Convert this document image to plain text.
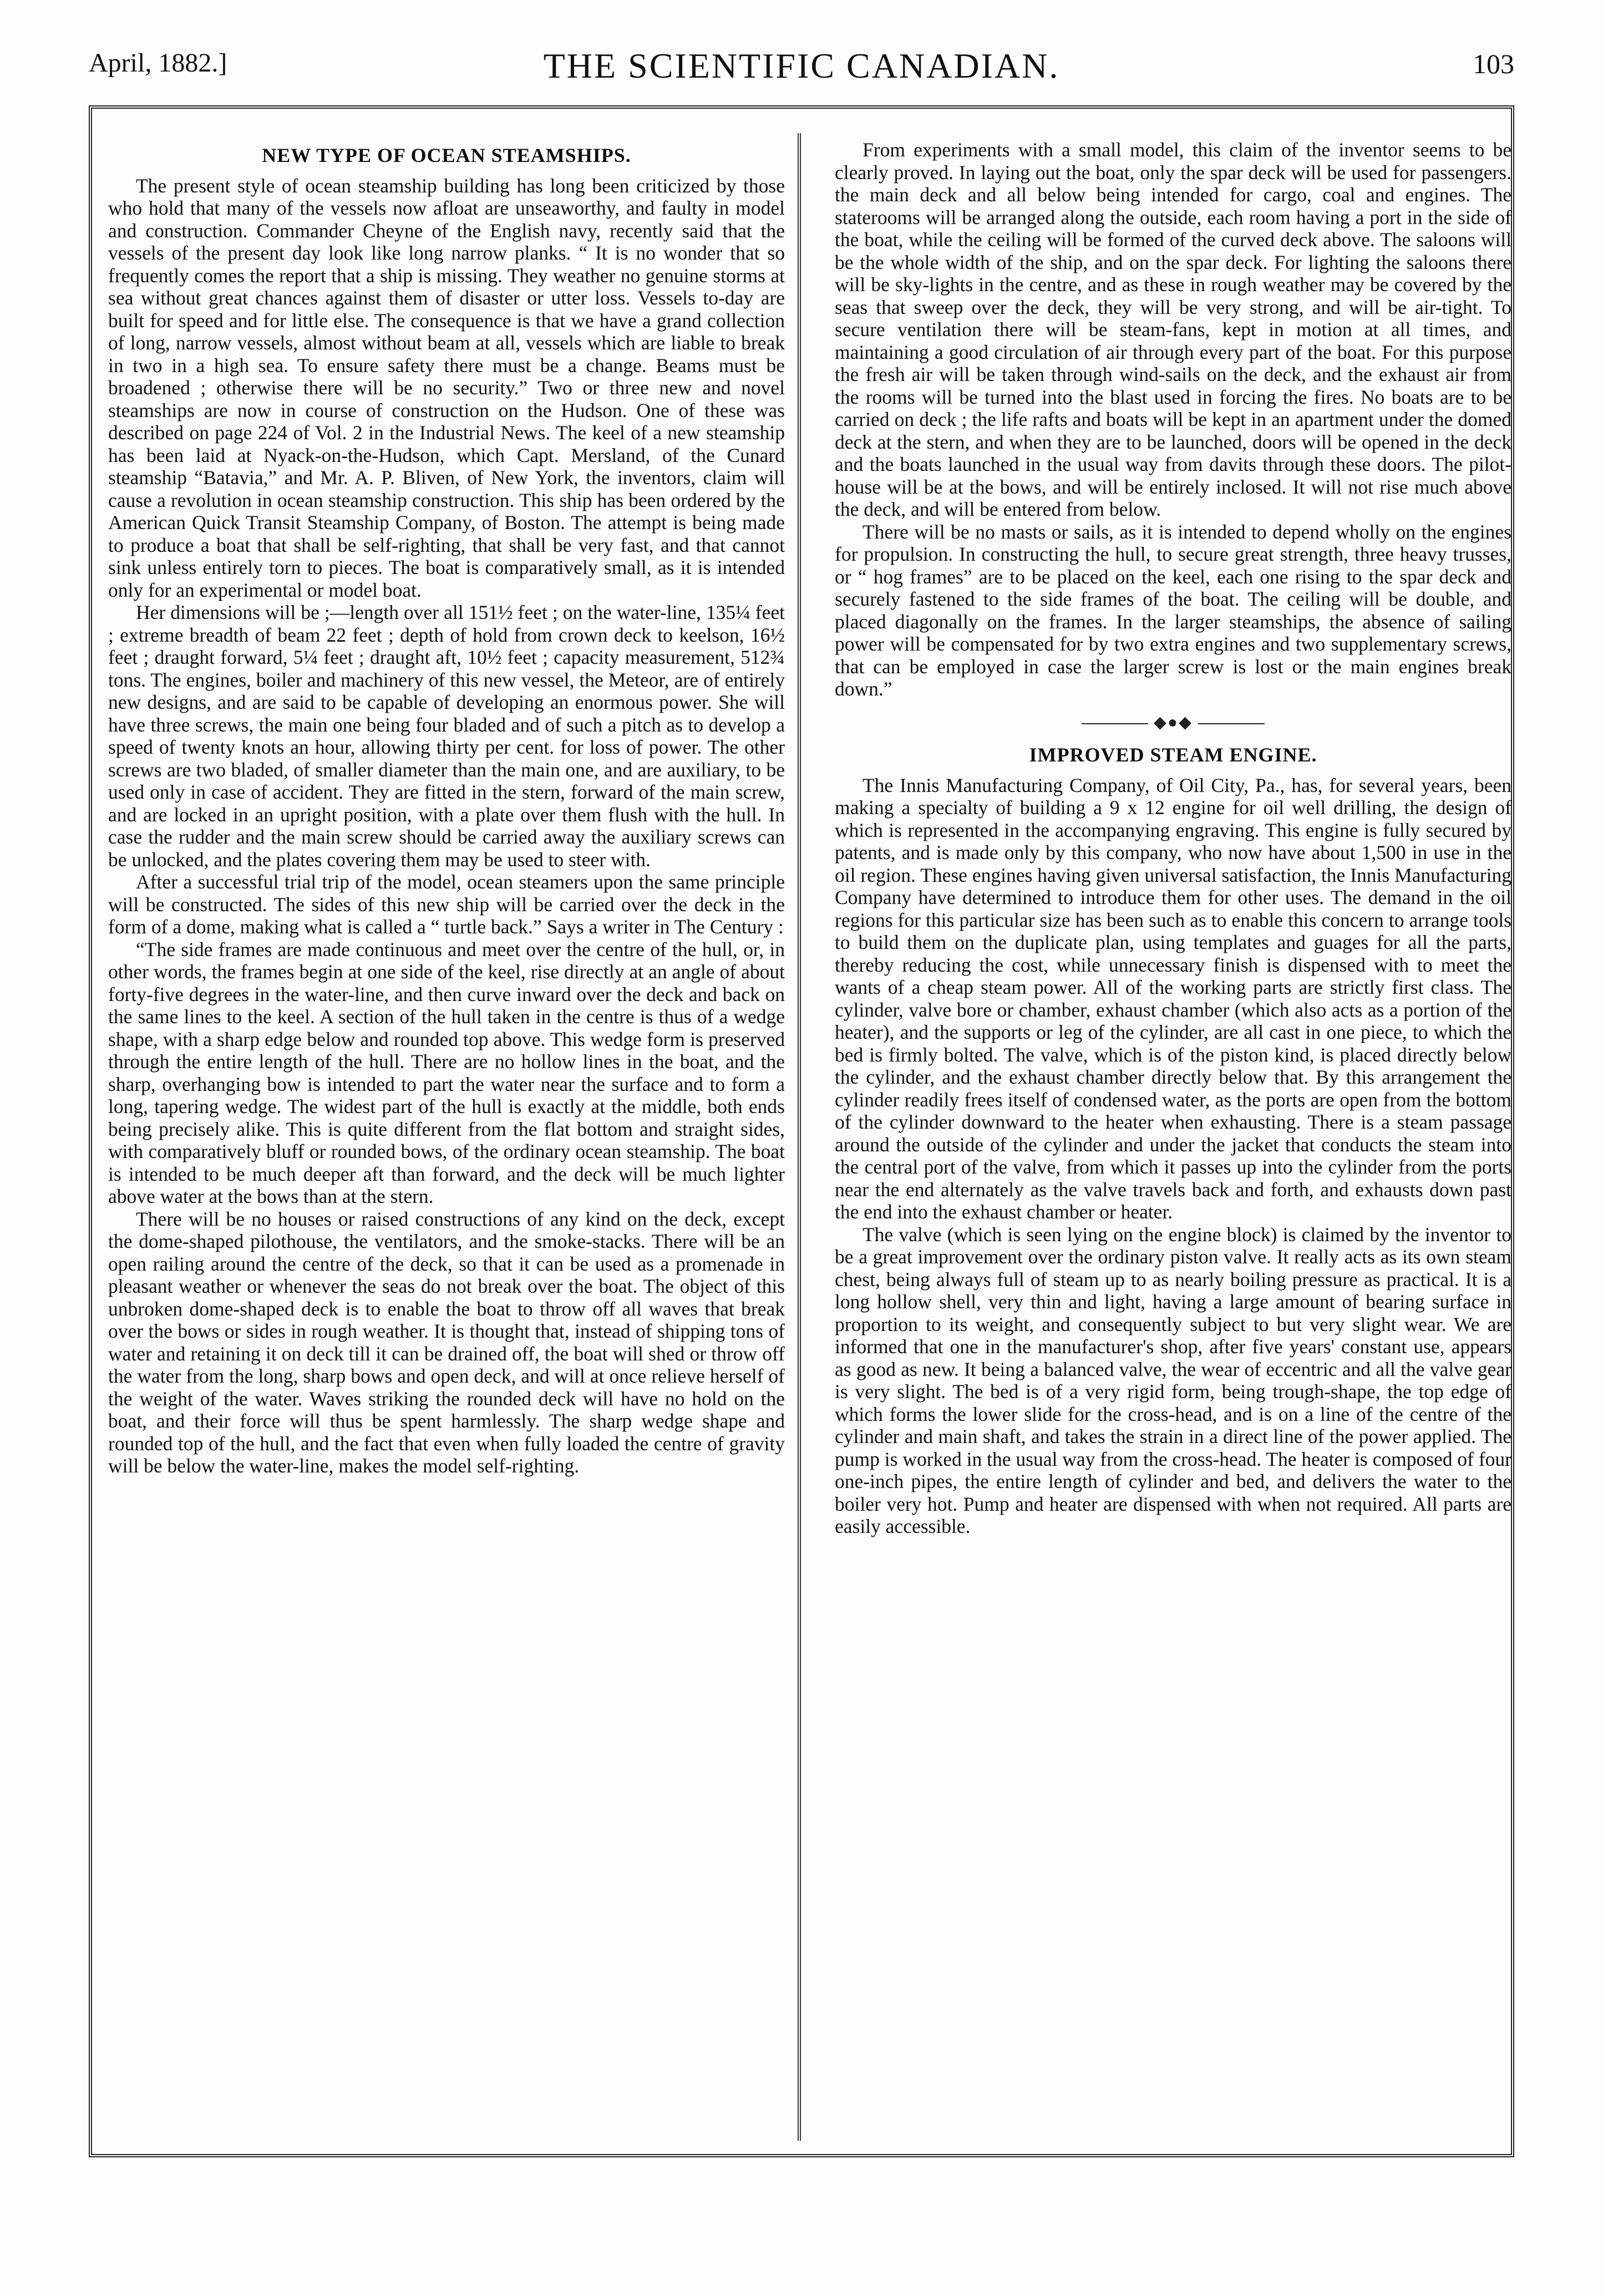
April, 1882.]	THE SCIENTIFIC CANADIAN.	103
NEW TYPE OF OCEAN STEAMSHIPS.

The present style of ocean steamship building has long been criticized by those who hold that many of the vessels now afloat are unseaworthy, and faulty in model and construction. Commander Cheyne of the English navy, recently said that the vessels of the present day look like long narrow planks. “ It is no wonder that so frequently comes the report that a ship is missing. They weather no genuine storms at sea without great chances against them of disaster or utter loss. Vessels to-day are built for speed and for little else. The consequence is that we have a grand collection of long, narrow vessels, almost without beam at all, vessels which are liable to break in two in a high sea. To ensure safety there must be a change. Beams must be broadened ; otherwise there will be no security.” Two or three new and novel steamships are now in course of construction on the Hudson. One of these was described on page 224 of Vol. 2 in the Industrial News. The keel of a new steamship has been laid at Nyack-on-the-Hudson, which Capt. Mersland, of the Cunard steamship “Batavia,” and Mr. A. P. Bliven, of New York, the inventors, claim will cause a revolution in ocean steamship construction. This ship has been ordered by the American Quick Transit Steamship Company, of Boston. The attempt is being made to produce a boat that shall be self-righting, that shall be very fast, and that cannot sink unless entirely torn to pieces. The boat is comparatively small, as it is intended only for an experimental or model boat.

Her dimensions will be ;—length over all 151½ feet ; on the water-line, 135¼ feet ; extreme breadth of beam 22 feet ; depth of hold from crown deck to keelson, 16½ feet ; draught forward, 5¼ feet ; draught aft, 10½ feet ; capacity measurement, 512¾ tons. The engines, boiler and machinery of this new vessel, the Meteor, are of entirely new designs, and are said to be capable of developing an enormous power. She will have three screws, the main one being four bladed and of such a pitch as to develop a speed of twenty knots an hour, allowing thirty per cent. for loss of power. The other screws are two bladed, of smaller diameter than the main one, and are auxiliary, to be used only in case of accident. They are fitted in the stern, forward of the main screw, and are locked in an upright position, with a plate over them flush with the hull. In case the rudder and the main screw should be carried away the auxiliary screws can be unlocked, and the plates covering them may be used to steer with.

After a successful trial trip of the model, ocean steamers upon the same principle will be constructed. The sides of this new ship will be carried over the deck in the form of a dome, making what is called a “ turtle back.” Says a writer in The Century :

“The side frames are made continuous and meet over the centre of the hull, or, in other words, the frames begin at one side of the keel, rise directly at an angle of about forty-five degrees in the water-line, and then curve inward over the deck and back on the same lines to the keel. A section of the hull taken in the centre is thus of a wedge shape, with a sharp edge below and rounded top above. This wedge form is preserved through the entire length of the hull. There are no hollow lines in the boat, and the sharp, overhanging bow is intended to part the water near the surface and to form a long, tapering wedge. The widest part of the hull is exactly at the middle, both ends being precisely alike. This is quite different from the flat bottom and straight sides, with comparatively bluff or rounded bows, of the ordinary ocean steamship. The boat is intended to be much deeper aft than forward, and the deck will be much lighter above water at the bows than at the stern.

There will be no houses or raised constructions of any kind on the deck, except the dome-shaped pilothouse, the ventilators, and the smoke-stacks. There will be an open railing around the centre of the deck, so that it can be used as a promenade in pleasant weather or whenever the seas do not break over the boat. The object of this unbroken dome-shaped deck is to enable the boat to throw off all waves that break over the bows or sides in rough weather. It is thought that, instead of shipping tons of water and retaining it on deck till it can be drained off, the boat will shed or throw off the water from the long, sharp bows and open deck, and will at once relieve herself of the weight of the water. Waves striking the rounded deck will have no hold on the boat, and their force will thus be spent harmlessly. The sharp wedge shape and rounded top of the hull, and the fact that even when fully loaded the centre of gravity will be below the water-line, makes the model self-righting.

From experiments with a small model, this claim of the inventor seems to be clearly proved. In laying out the boat, only the spar deck will be used for passengers. the main deck and all below being intended for cargo, coal and engines. The staterooms will be arranged along the outside, each room having a port in the side of the boat, while the ceiling will be formed of the curved deck above. The saloons will be the whole width of the ship, and on the spar deck. For lighting the saloons there will be sky-lights in the centre, and as these in rough weather may be covered by the seas that sweep over the deck, they will be very strong, and will be air-tight. To secure ventilation there will be steam-fans, kept in motion at all times, and maintaining a good circulation of air through every part of the boat. For this purpose the fresh air will be taken through wind-sails on the deck, and the exhaust air from the rooms will be turned into the blast used in forcing the fires. No boats are to be carried on deck ; the life rafts and boats will be kept in an apartment under the domed deck at the stern, and when they are to be launched, doors will be opened in the deck and the boats launched in the usual way from davits through these doors. The pilot-house will be at the bows, and will be entirely inclosed. It will not rise much above the deck, and will be entered from below.

There will be no masts or sails, as it is intended to depend wholly on the engines for propulsion. In constructing the hull, to secure great strength, three heavy trusses, or “ hog frames” are to be placed on the keel, each one rising to the spar deck and securely fastened to the side frames of the boat. The ceiling will be double, and placed diagonally on the frames. In the larger steamships, the absence of sailing power will be compensated for by two extra engines and two supplementary screws, that can be employed in case the larger screw is lost or the main engines break down.”

◆●◆
IMPROVED STEAM ENGINE.

The Innis Manufacturing Company, of Oil City, Pa., has, for several years, been making a specialty of building a 9 x 12 engine for oil well drilling, the design of which is represented in the accompanying engraving. This engine is fully secured by patents, and is made only by this company, who now have about 1,500 in use in the oil region. These engines having given universal satisfaction, the Innis Manufacturing Company have determined to introduce them for other uses. The demand in the oil regions for this particular size has been such as to enable this concern to arrange tools to build them on the duplicate plan, using templates and guages for all the parts, thereby reducing the cost, while unnecessary finish is dispensed with to meet the wants of a cheap steam power. All of the working parts are strictly first class. The cylinder, valve bore or chamber, exhaust chamber (which also acts as a portion of the heater), and the supports or leg of the cylinder, are all cast in one piece, to which the bed is firmly bolted. The valve, which is of the piston kind, is placed directly below the cylinder, and the exhaust chamber directly below that. By this arrangement the cylinder readily frees itself of condensed water, as the ports are open from the bottom of the cylinder downward to the heater when exhausting. There is a steam passage around the outside of the cylinder and under the jacket that conducts the steam into the central port of the valve, from which it passes up into the cylinder from the ports near the end alternately as the valve travels back and forth, and exhausts down past the end into the exhaust chamber or heater.

The valve (which is seen lying on the engine block) is claimed by the inventor to be a great improvement over the ordinary piston valve. It really acts as its own steam chest, being always full of steam up to as nearly boiling pressure as practical. It is a long hollow shell, very thin and light, having a large amount of bearing surface in proportion to its weight, and consequently subject to but very slight wear. We are informed that one in the manufacturer's shop, after five years' constant use, appears as good as new. It being a balanced valve, the wear of eccentric and all the valve gear is very slight. The bed is of a very rigid form, being trough-shape, the top edge of which forms the lower slide for the cross-head, and is on a line of the centre of the cylinder and main shaft, and takes the strain in a direct line of the power applied. The pump is worked in the usual way from the cross-head. The heater is composed of four one-inch pipes, the entire length of cylinder and bed, and delivers the water to the boiler very hot. Pump and heater are dispensed with when not required. All parts are easily accessible.
